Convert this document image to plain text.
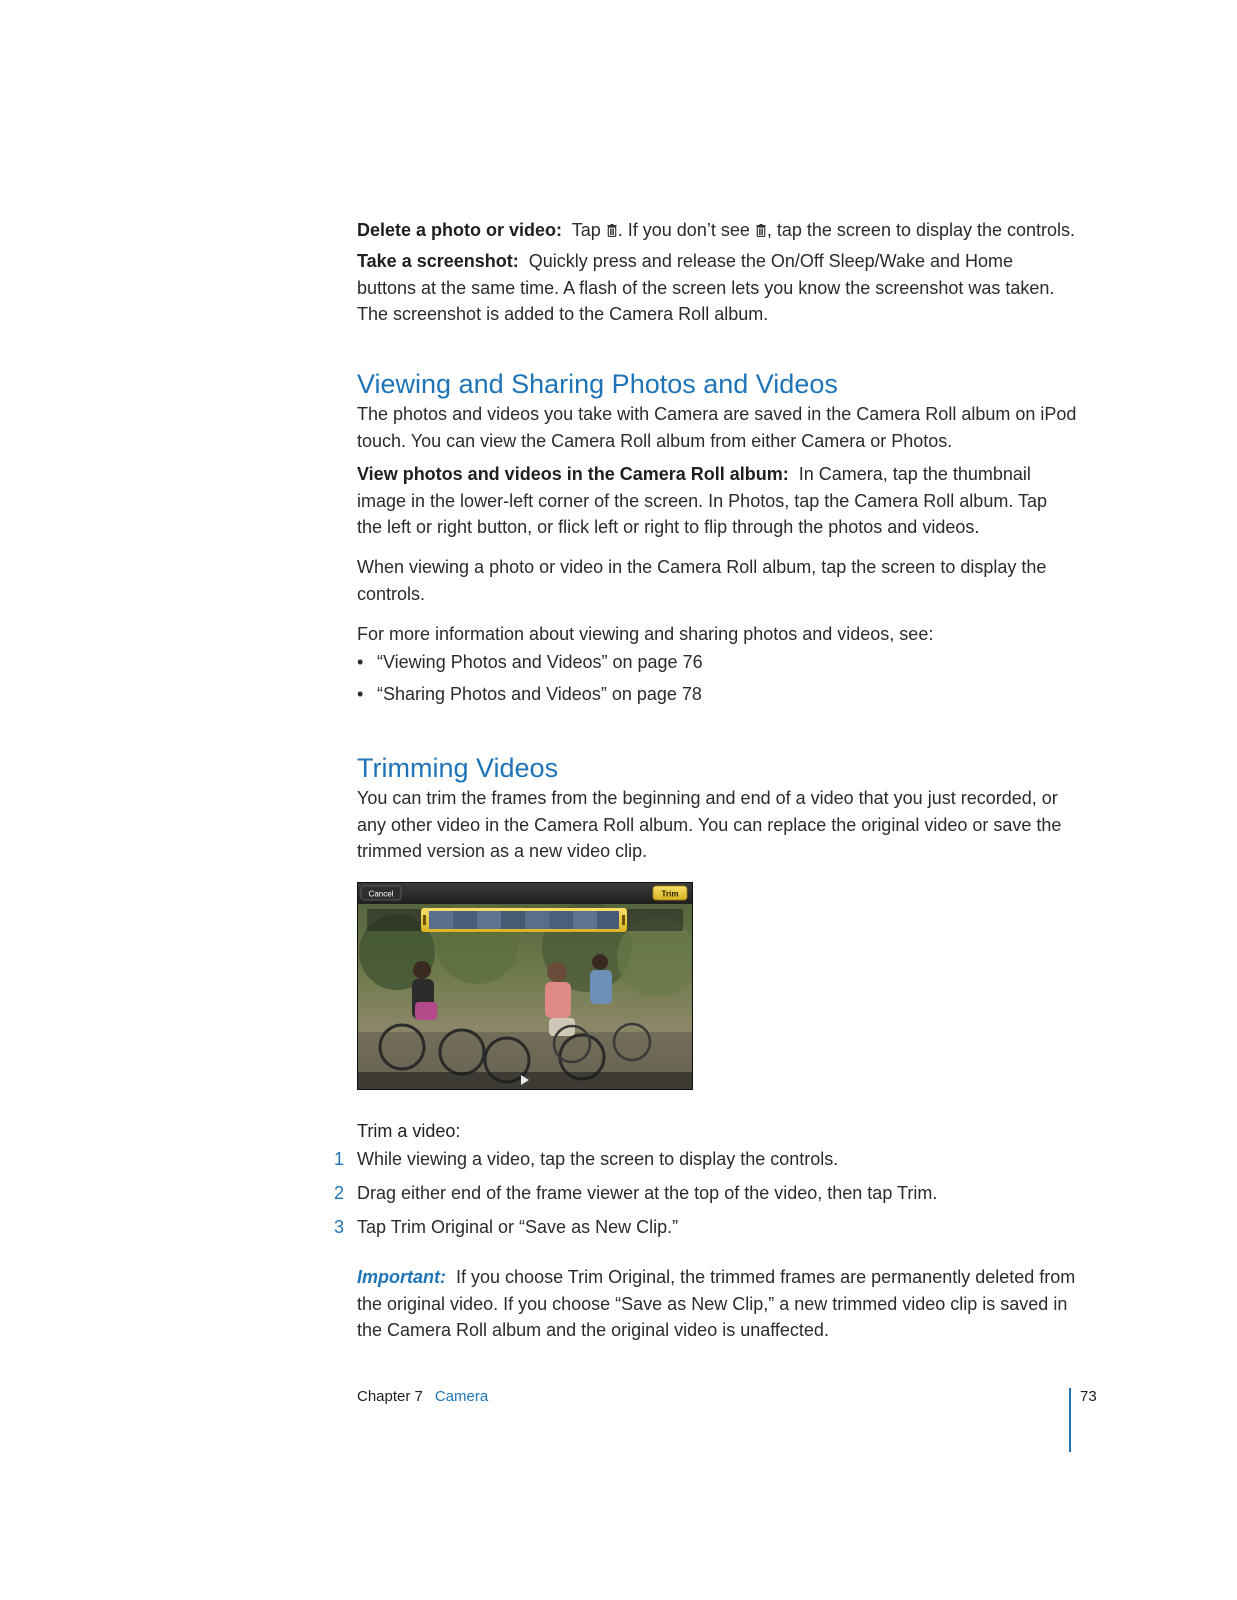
Delete a photo or video: Tap . If you don’t see , tap the screen to display the controls.

Take a screenshot: Quickly press and release the On/Off Sleep/Wake and Home buttons at the same time. A flash of the screen lets you know the screenshot was taken. The screenshot is added to the Camera Roll album.

Viewing and Sharing Photos and Videos

The photos and videos you take with Camera are saved in the Camera Roll album on iPod touch. You can view the Camera Roll album from either Camera or Photos.

View photos and videos in the Camera Roll album: In Camera, tap the thumbnail image in the lower-left corner of the screen. In Photos, tap the Camera Roll album. Tap the left or right button, or flick left or right to flip through the photos and videos.

When viewing a photo or video in the Camera Roll album, tap the screen to display the controls.

For more information about viewing and sharing photos and videos, see:

• “Viewing Photos and Videos” on page 76
• “Sharing Photos and Videos” on page 78
Trimming Videos

You can trim the frames from the beginning and end of a video that you just recorded, or any other video in the Camera Roll album. You can replace the original video or save the trimmed version as a new video clip.

Cancel	Trim

Trim a video:

1 While viewing a video, tap the screen to display the controls.
2 Drag either end of the frame viewer at the top of the video, then tap Trim.
3 Tap Trim Original or “Save as New Clip.”

Important: If you choose Trim Original, the trimmed frames are permanently deleted from the original video. If you choose “Save as New Clip,” a new trimmed video clip is saved in the Camera Roll album and the original video is unaffected.

Chapter 7 Camera	73
